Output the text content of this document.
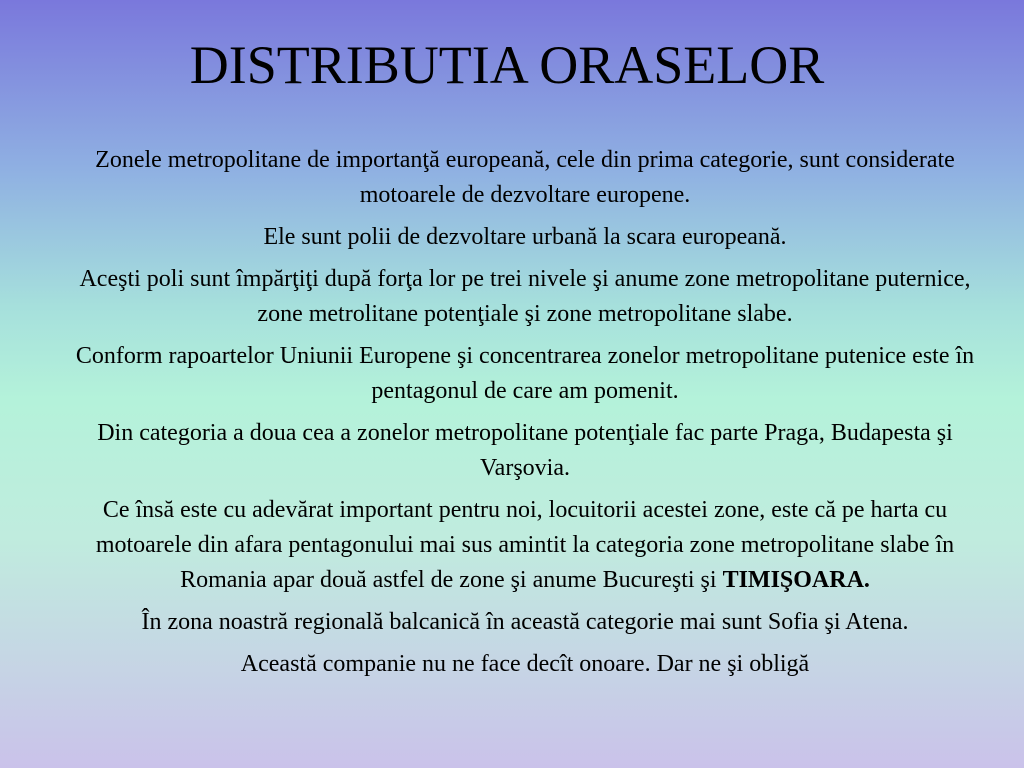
DISTRIBUTIA ORASELOR

Zonele metropolitane de importanţă europeană, cele din prima categorie, sunt considerate motoarele de dezvoltare europene.

Ele sunt polii de dezvoltare urbană la scara europeană.

Aceşti poli sunt împărţiţi după forţa lor pe trei nivele şi anume zone metropolitane puternice, zone metrolitane potenţiale şi zone metropolitane slabe.

Conform rapoartelor Uniunii Europene şi concentrarea zonelor metropolitane putenice este în pentagonul de care am pomenit.

Din categoria a doua cea a zonelor metropolitane potenţiale fac parte Praga, Budapesta şi Varşovia.

Ce însă este cu adevărat important pentru noi, locuitorii acestei zone, este că pe harta cu motoarele din afara pentagonului mai sus amintit la categoria zone metropolitane slabe în Romania apar două astfel de zone şi anume Bucureşti şi TIMIŞOARA.

În zona noastră regională balcanică în această categorie mai sunt Sofia şi Atena.

Această companie nu ne face decît onoare. Dar ne şi obligă
